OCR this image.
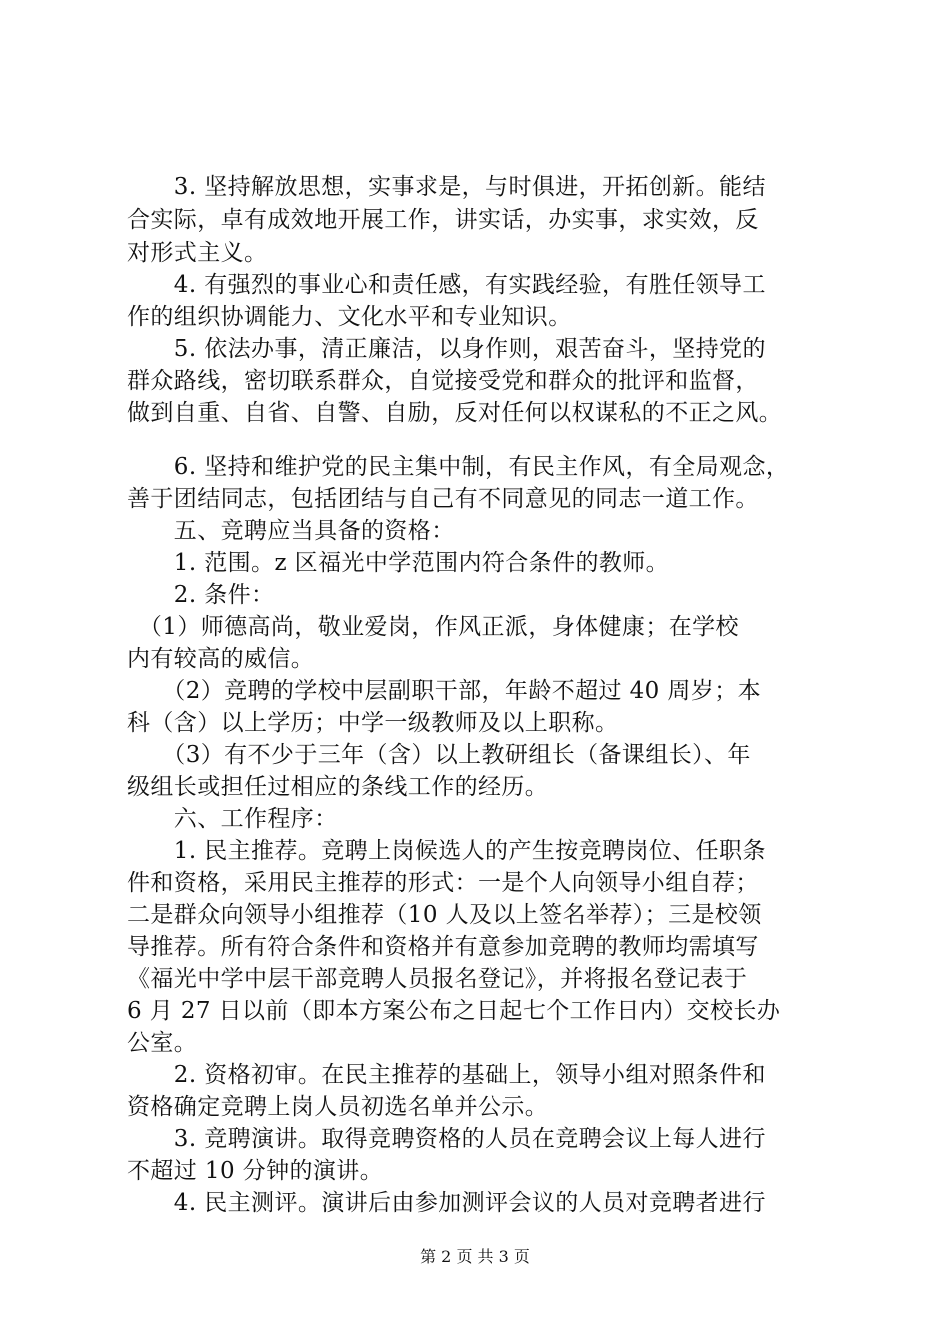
　　3. 坚持解放思想，实事求是，与时俱进，开拓创新。能结
合实际，卓有成效地开展工作，讲实话，办实事，求实效，反
对形式主义。
　　4. 有强烈的事业心和责任感，有实践经验，有胜任领导工
作的组织协调能力、文化水平和专业知识。
　　5. 依法办事，清正廉洁，以身作则，艰苦奋斗，坚持党的
群众路线，密切联系群众，自觉接受党和群众的批评和监督，
做到自重、自省、自警、自励，反对任何以权谋私的不正之风。
　　6. 坚持和维护党的民主集中制，有民主作风，有全局观念，
善于团结同志，包括团结与自己有不同意见的同志一道工作。
　　五、竞聘应当具备的资格：
　　1. 范围。z 区福光中学范围内符合条件的教师。
　　2. 条件：
　（1）师德高尚，敬业爱岗，作风正派，身体健康；在学校
内有较高的威信。
　　（2）竞聘的学校中层副职干部，年龄不超过 40 周岁；本
科（含）以上学历；中学一级教师及以上职称。
　　（3）有不少于三年（含）以上教研组长（备课组长）、年
级组长或担任过相应的条线工作的经历。
　　六、工作程序：
　　1. 民主推荐。竞聘上岗候选人的产生按竞聘岗位、任职条
件和资格，采用民主推荐的形式：一是个人向领导小组自荐；
二是群众向领导小组推荐（10 人及以上签名举荐）；三是校领
导推荐。所有符合条件和资格并有意参加竞聘的教师均需填写
《福光中学中层干部竞聘人员报名登记》，并将报名登记表于
6 月 27 日以前（即本方案公布之日起七个工作日内）交校长办
公室。
　　2. 资格初审。在民主推荐的基础上，领导小组对照条件和
资格确定竞聘上岗人员初选名单并公示。
　　3. 竞聘演讲。取得竞聘资格的人员在竞聘会议上每人进行
不超过 10 分钟的演讲。
　　4. 民主测评。演讲后由参加测评会议的人员对竞聘者进行
第 2 页 共 3 页
